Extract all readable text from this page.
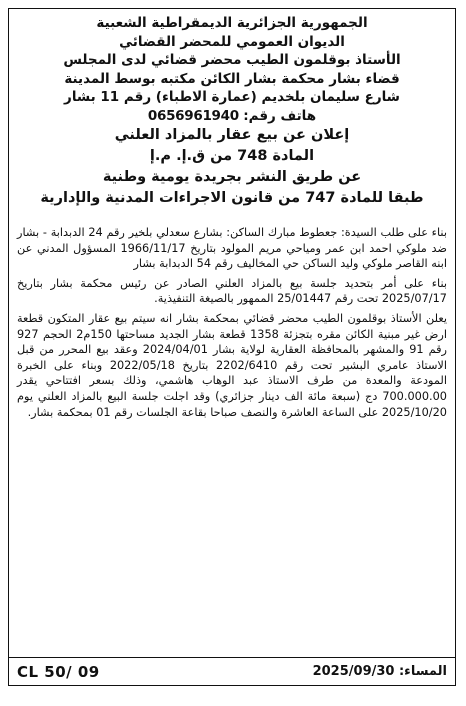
الجمهورية الجزائرية الديمقراطية الشعبية
الديوان العمومي للمحضر القضائي
الأستاذ بوقلمون الطيب محضر قضائي لدى المجلس
قضاء بشار محكمة بشار الكائن مكتبه بوسط المدينة
شارع سليمان بلخديم (عمارة الاطباء) رقم 11 بشار
0656961940 هاتف رقم:
إعلان عن بيع عقار بالمزاد العلني
المادة 748 من ق.إ. م.إ
عن طريق النشر بجريدة يومية وطنية
طبقا للمادة 747 من قانون الاجراءات المدنية والإدارية

بناء على طلب السيدة: جعطوط مبارك الساكن: بشارع سعدلي بلخير رقم 24 الدبدابة - بشار ضد ملوكي احمد ابن عمر ومياحي مريم المولود بتاريخ 1966/11/17 المسؤول المدني عن ابنه القاصر ملوكي وليد الساكن حي المخاليف رقم 54 الدبدابة بشار

بناء على أمر بتحديد جلسة بيع بالمزاد العلني الصادر عن رئيس محكمة بشار بتاريخ 2025/07/17 تحت رقم 25/01447 الممهور بالصيغة التنفيذية.

يعلن الأستاذ بوقلمون الطيب محضر قضائي بمحكمة بشار انه سيتم بيع عقار المتكون قطعة ارض غير مبنية الكائن مقره بتجزئة 1358 قطعة بشار الجديد مساحتها 150م2 الحجم 927 رقم 91 والمشهر بالمحافظة العقارية لولاية بشار 2024/04/01 وعقد بيع المحرر من قبل الاستاذ عامري البشير تحت رقم 2202/6410 بتاريخ 2022/05/18 وبناء على الخبرة المودعة والمعدة من طرف الاستاذ عبد الوهاب هاشمي، وذلك بسعر افتتاحي يقدر 700.000.00 دج (سبعة مائة الف دينار جزائري) وقد اجلت جلسة البيع بالمزاد العلني يوم 2025/10/20 على الساعة العاشرة والنصف صباحا بقاعة الجلسات رقم 01 بمحكمة بشار.

CL 50/ 09	المساء: 2025/09/30
